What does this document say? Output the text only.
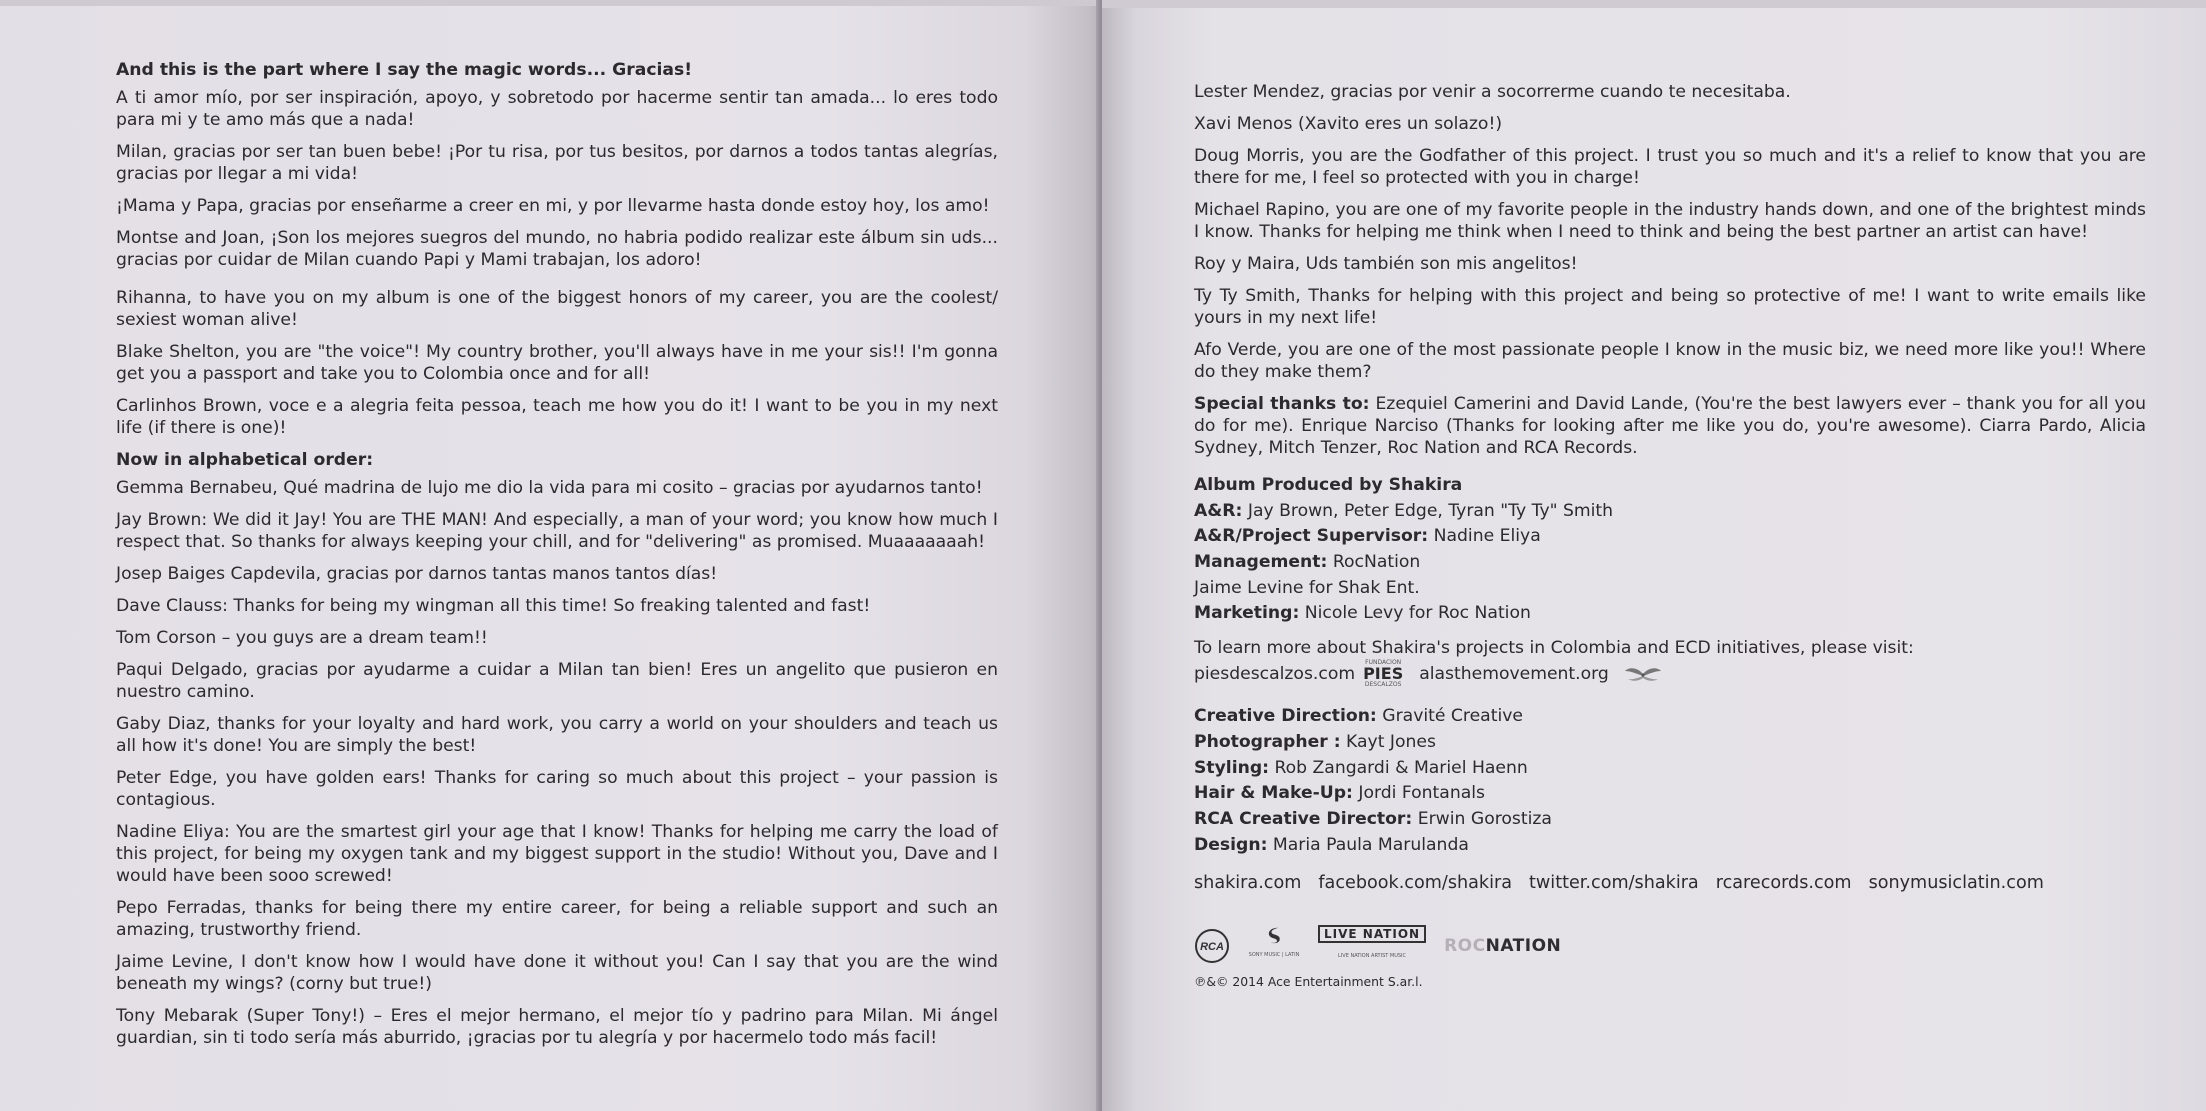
And this is the part where I say the magic words... Gracias!

A ti amor mío, por ser inspiración, apoyo, y sobretodo por hacerme sentir tan amada... lo eres todo para mi y te amo más que a nada!

Milan, gracias por ser tan buen bebe! ¡Por tu risa, por tus besitos, por darnos a todos tantas alegrías, gracias por llegar a mi vida!

¡Mama y Papa, gracias por enseñarme a creer en mi, y por llevarme hasta donde estoy hoy, los amo!

Montse and Joan, ¡Son los mejores suegros del mundo, no habria podido realizar este álbum sin uds... gracias por cuidar de Milan cuando Papi y Mami trabajan, los adoro!

Rihanna, to have you on my album is one of the biggest honors of my career, you are the coolest/ sexiest woman alive!

Blake Shelton, you are "the voice"! My country brother, you'll always have in me your sis!! I'm gonna get you a passport and take you to Colombia once and for all!

Carlinhos Brown, voce e a alegria feita pessoa, teach me how you do it! I want to be you in my next life (if there is one)!

Now in alphabetical order:

Gemma Bernabeu, Qué madrina de lujo me dio la vida para mi cosito – gracias por ayudarnos tanto!

Jay Brown: We did it Jay! You are THE MAN! And especially, a man of your word; you know how much I respect that. So thanks for always keeping your chill, and for "delivering" as promised. Muaaaaaaah!

Josep Baiges Capdevila, gracias por darnos tantas manos tantos días!

Dave Clauss: Thanks for being my wingman all this time! So freaking talented and fast!

Tom Corson – you guys are a dream team!!

Paqui Delgado, gracias por ayudarme a cuidar a Milan tan bien! Eres un angelito que pusieron en nuestro camino.

Gaby Diaz, thanks for your loyalty and hard work, you carry a world on your shoulders and teach us all how it's done! You are simply the best!

Peter Edge, you have golden ears! Thanks for caring so much about this project – your passion is contagious.

Nadine Eliya: You are the smartest girl your age that I know! Thanks for helping me carry the load of this project, for being my oxygen tank and my biggest support in the studio! Without you, Dave and I would have been sooo screwed!

Pepo Ferradas, thanks for being there my entire career, for being a reliable support and such an amazing, trustworthy friend.

Jaime Levine, I don't know how I would have done it without you! Can I say that you are the wind beneath my wings? (corny but true!)

Tony Mebarak (Super Tony!) – Eres el mejor hermano, el mejor tío y padrino para Milan. Mi ángel guardian, sin ti todo sería más aburrido, ¡gracias por tu alegría y por hacermelo todo más facil!

Lester Mendez, gracias por venir a socorrerme cuando te necesitaba.

Xavi Menos (Xavito eres un solazo!)

Doug Morris, you are the Godfather of this project. I trust you so much and it's a relief to know that you are there for me, I feel so protected with you in charge!

Michael Rapino, you are one of my favorite people in the industry hands down, and one of the brightest minds I know. Thanks for helping me think when I need to think and being the best partner an artist can have!

Roy y Maira, Uds también son mis angelitos!

Ty Ty Smith, Thanks for helping with this project and being so protective of me! I want to write emails like yours in my next life!

Afo Verde, you are one of the most passionate people I know in the music biz, we need more like you!! Where do they make them?

Special thanks to: Ezequiel Camerini and David Lande, (You're the best lawyers ever – thank you for all you do for me). Enrique Narciso (Thanks for looking after me like you do, you're awesome). Ciarra Pardo, Alicia Sydney, Mitch Tenzer, Roc Nation and RCA Records.

Album Produced by Shakira
A&R: Jay Brown, Peter Edge, Tyran "Ty Ty" Smith
A&R/Project Supervisor: Nadine Eliya
Management: RocNation
Jaime Levine for Shak Ent.
Marketing: Nicole Levy for Roc Nation
To learn more about Shakira's projects in Colombia and ECD initiatives, please visit:
piesdescalzos.com
FUNDACION
PIES
DESCALZOS
alasthemovement.org
Creative Direction: Gravité Creative
Photographer : Kayt Jones
Styling: Rob Zangardi & Mariel Haenn
Hair & Make-Up: Jordi Fontanals
RCA Creative Director: Erwin Gorostiza
Design: Maria Paula Marulanda
shakira.com facebook.com/shakira twitter.com/shakira rcarecords.com sonymusiclatin.com
RCA
SONY MUSIC | LATIN
LIVE NATION
LIVE NATION ARTIST MUSIC ROCNATION
℗&© 2014 Ace Entertainment S.ar.l.
